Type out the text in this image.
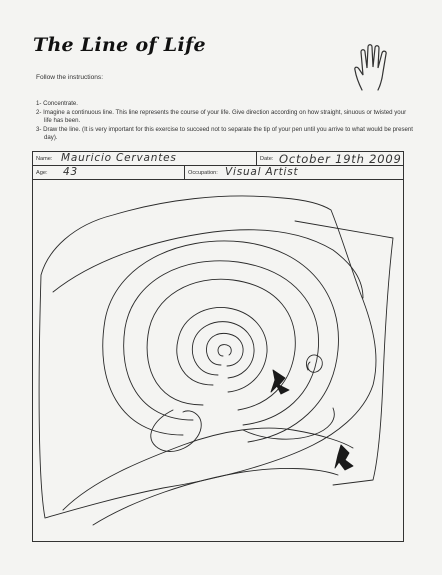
The Line of Life
Follow the instructions:
1- Concentrate.
2- Imagine a continuous line. This line represents the course of your life. Give direction according on how straight, sinuous or twisted your life has been.
3- Draw the line. (It is very important for this exercise to succeed not to separate the tip of your pen until you arrive to what would be present day).
Name: Mauricio Cervantes	Date: October 19th 2009
Age: 43	Occupation: Visual Artist
